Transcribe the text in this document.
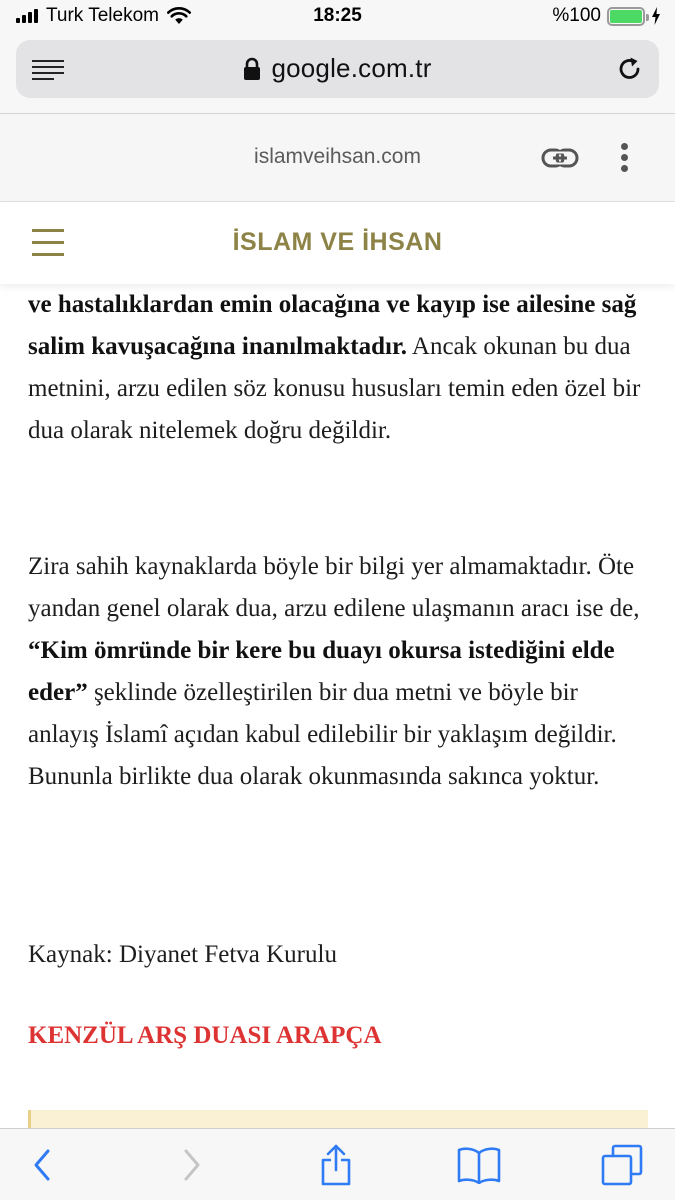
Turk Telekom	18:25	%100
google.com.tr
islamveihsan.com
İSLAM VE İHSAN

ve hastalıklardan emin olacağına ve kayıp ise ailesine sağ salim kavuşacağına inanılmaktadır. Ancak okunan bu dua metnini, arzu edilen söz konusu hususları temin eden özel bir dua olarak nitelemek doğru değildir.

Zira sahih kaynaklarda böyle bir bilgi yer almamaktadır. Öte yandan genel olarak dua, arzu edilene ulaşmanın aracı ise de, “Kim ömründe bir kere bu duayı okursa istediğini elde eder” şeklinde özelleştirilen bir dua metni ve böyle bir anlayış İslamî açıdan kabul edilebilir bir yaklaşım değildir. Bununla birlikte dua olarak okunmasında sakınca yoktur.

Kaynak: Diyanet Fetva Kurulu

KENZÜL ARŞ DUASI ARAPÇA
